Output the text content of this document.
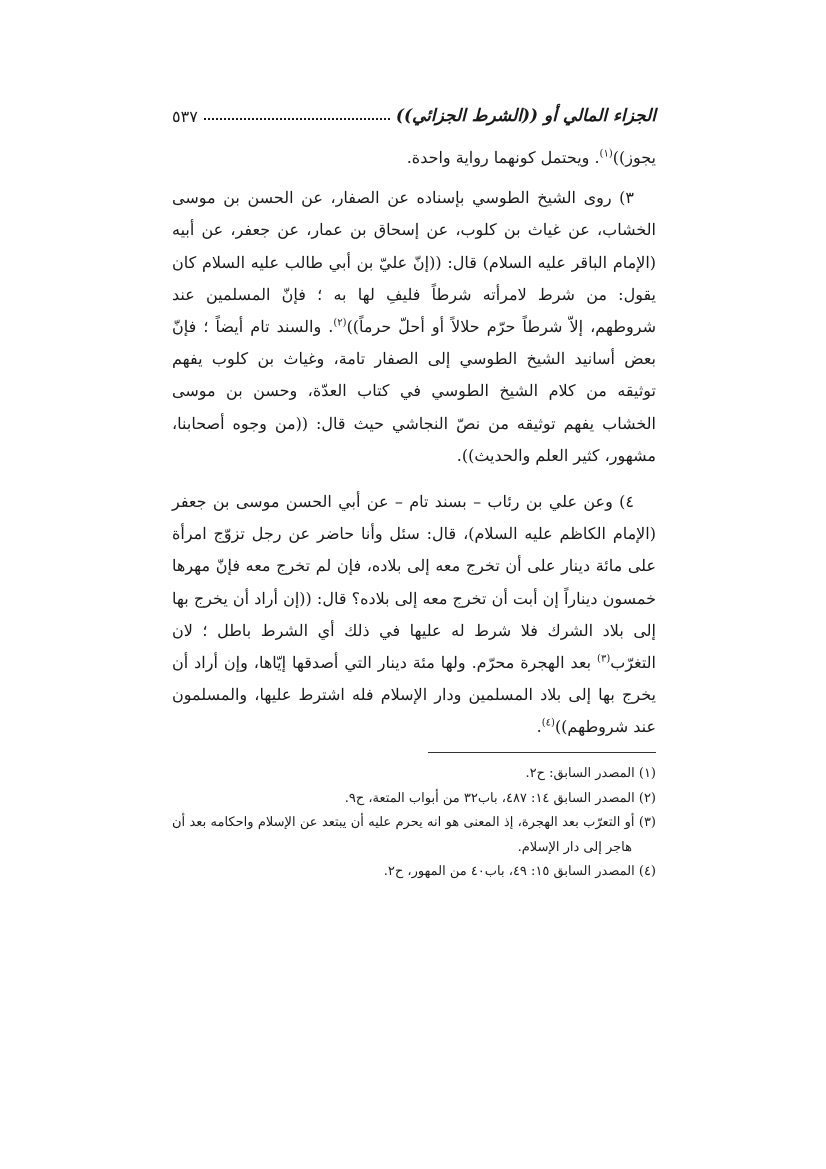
الجزاء المالي أو ((الشرط الجزائي))
٥٣٧

يجوز))$^{(١)}$. ويحتمل كونهما رواية واحدة.

٣) روى الشيخ الطوسي بإسناده عن الصفار، عن الحسن بن موسى الخشاب، عن غياث بن كلوب، عن إسحاق بن عمار، عن جعفر، عن أبيه (الإمام الباقر عليه السلام) قال: ((إنّ عليّ بن أبي طالب عليه السلام كان يقول: من شرط لامرأته شرطاً فليفِ لها به ؛ فإنّ المسلمين عند شروطهم، إلاّ شرطاً حرّم حلالاً أو أحلّ حرماً))$^{(٢)}$. والسند تام أيضاً ؛ فإنّ بعض أسانيد الشيخ الطوسي إلى الصفار تامة، وغياث بن كلوب يفهم توثيقه من كلام الشيخ الطوسي في كتاب العدّة، وحسن بن موسى الخشاب يفهم توثيقه من نصّ النجاشي حيث قال: ((من وجوه أصحابنا، مشهور، كثير العلم والحديث)).

٤) وعن علي بن رئاب – بسند تام – عن أبي الحسن موسى بن جعفر (الإمام الكاظم عليه السلام)، قال: سئل وأنا حاضر عن رجل تزوّج امرأة على مائة دينار على أن تخرج معه إلى بلاده، فإن لم تخرج معه فإنّ مهرها خمسون ديناراً إن أبت أن تخرج معه إلى بلاده؟ قال: ((إن أراد أن يخرج بها إلى بلاد الشرك فلا شرط له عليها في ذلك أي الشرط باطل ؛ لان التغرّب$^{(٣)}$ بعد الهجرة محرّم. ولها مئة دينار التي أصدقها إيّاها، وإن أراد أن يخرج بها إلى بلاد المسلمين ودار الإسلام فله اشترط عليها، والمسلمون عند شروطهم))$^{(٤)}$.

(١) المصدر السابق: ح٢.

(٢) المصدر السابق ١٤: ٤٨٧، باب٣٢ من أبواب المتعة، ح٩.

(٣) أو التعرّب بعد الهجرة، إذ المعنى هو انه يحرم عليه أن يبتعد عن الإسلام واحكامه بعد أن هاجر إلى دار الإسلام.

(٤) المصدر السابق ١٥: ٤٩، باب٤٠ من المهور، ح٢.
